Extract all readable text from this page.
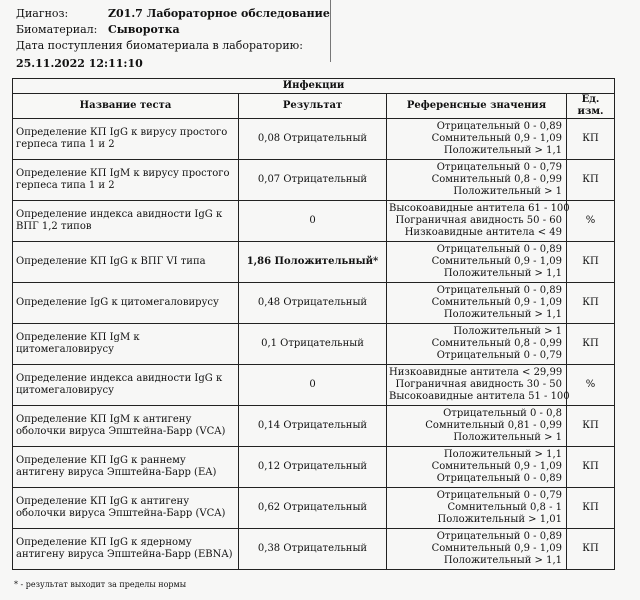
Диагноз:	Z01.7 Лабораторное обследование
Биоматериал: Сыворотка
Дата поступления биоматериала в лабораторию:
25.11.2022 12:11:10
Инфекции			
Название теста	Результат	Референсные значения	Ед. изм.
Определение КП IgG к вирусу простого герпеса типа 1 и 2	0,08 Отрицательный	Отрицательный 0 - 0,89
Сомнительный 0,9 - 1,09
Положительный > 1,1	КП
Определение КП IgM к вирусу простого герпеса типа 1 и 2	0,07 Отрицательный	Отрицательный 0 - 0,79
Сомнительный 0,8 - 0,99
Положительный > 1	КП
Определение индекса авидности IgG к ВПГ 1,2 типов	0	Высокоавидные антитела 61 - 100
Пограничная авидность 50 - 60
Низкоавидные антитела < 49	%
Определение КП IgG к ВПГ VI типа	1,86 Положительный*	Отрицательный 0 - 0,89
Сомнительный 0,9 - 1,09
Положительный > 1,1	КП
Определение IgG к цитомегаловирусу	0,48 Отрицательный	Отрицательный 0 - 0,89
Сомнительный 0,9 - 1,09
Положительный > 1,1	КП
Определение КП IgM к цитомегаловирусу	0,1 Отрицательный	Положительный > 1
Сомнительный 0,8 - 0,99
Отрицательный 0 - 0,79	КП
Определение индекса авидности IgG к цитомегаловирусу	0	Низкоавидные антитела < 29,99
Пограничная авидность 30 - 50
Высокоавидные антитела 51 - 100	%
Определение КП IgM к антигену оболочки вируса Эпштейна-Барр (VCA)	0,14 Отрицательный	Отрицательный 0 - 0,8
Сомнительный 0,81 - 0,99
Положительный > 1	КП
Определение КП IgG к раннему антигену вируса Эпштейна-Барр (EA)	0,12 Отрицательный	Положительный > 1,1
Сомнительный 0,9 - 1,09
Отрицательный 0 - 0,89	КП
Определение КП IgG к антигену оболочки вируса Эпштейна-Барр (VCA)	0,62 Отрицательный	Отрицательный 0 - 0,79
Сомнительный 0,8 - 1
Положительный > 1,01	КП
Определение КП IgG к ядерному антигену вируса Эпштейна-Барр (EBNA)	0,38 Отрицательный	Отрицательный 0 - 0,89
Сомнительный 0,9 - 1,09
Положительный > 1,1	КП
* - результат выходит за пределы нормы
